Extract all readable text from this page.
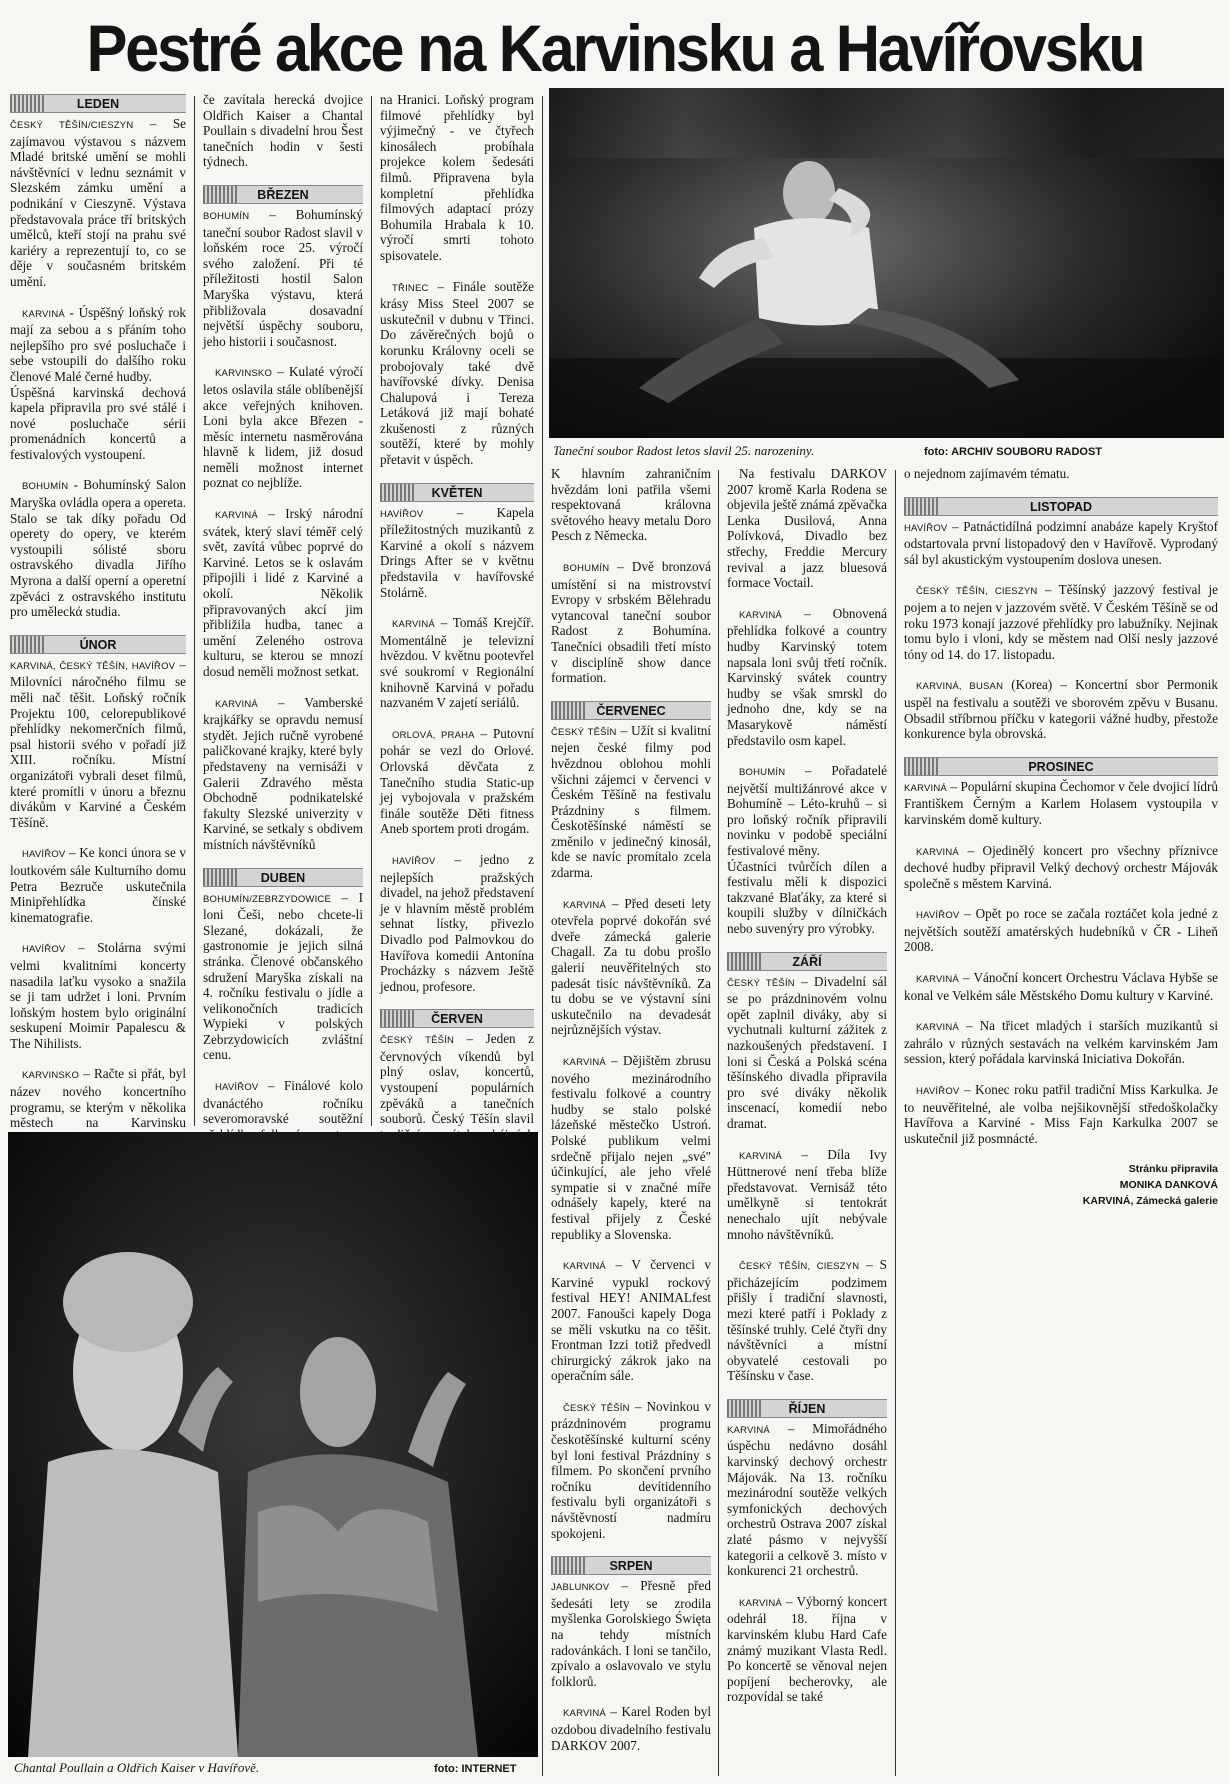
Pestré akce na Karvinsku a Havířovsku
LEDEN

ČESKÝ TĚŠÍN/CIESZYN – Se zajímavou výstavou s názvem Mladé britské umění se mohli návštěvníci v lednu seznámit v Slezském zámku umění a podnikání v Cieszyně. Výstava představovala práce tří britských umělců, kteří stojí na prahu své kariéry a reprezentují to, co se děje v současném britském umění.

KARVINÁ - Úspěšný loňský rok mají za sebou a s přáním toho nejlepšího pro své posluchače i sebe vstoupili do dalšího roku členové Malé černé hudby.
Úspěšná karvinská dechová kapela připravila pro své stálé i nové posluchače sérii promenádních koncertů a festivalových vystoupení.

BOHUMÍN - Bohumínský Salon Maryška ovládla opera a opereta. Stalo se tak díky pořadu Od operety do opery, ve kterém vystoupili sólisté sboru ostravského divadla Jiřího Myrona a další operní a operetní zpěváci z ostravského institutu pro uměleckά studia.

ÚNOR

KARVINÁ, ČESKÝ TĚŠÍN, HAVÍŘOV – Milovníci náročného filmu se měli nač těšit. Loňský ročník Projektu 100, celorepublikové přehlídky nekomerčních filmů, psal historii svého v pořadí již XIII. ročníku. Místní organizátoři vybrali deset filmů, které promítli v únoru a březnu divákům v Karviné a Českém Těšíně.

HAVÍŘOV – Ke konci února se v loutkovém sále Kulturního domu Petra Bezruče uskutečnila Minipřehlídka čínské kinematografie.

HAVÍŘOV – Stolárna svými velmi kvalitními koncerty nasadila laťku vysoko a snažila se ji tam udržet i loni. Prvním loňským hostem bylo originální seskupení Moimir Papalescu & The Nihilists.

KARVINSKO – Račte si přát, byl název nového koncertního programu, se kterým v několika městech na Karvinsku

če zavítala herecká dvojice Oldřich Kaiser a Chantal Poullain s divadelní hrou Šest tanečních hodin v šesti týdnech.

BŘEZEN

BOHUMÍN – Bohumínský taneční soubor Radost slavil v loňském roce 25. výročí svého založení. Při té příležitosti hostil Salon Maryška výstavu, která přibližovala dosavadní největší úspěchy souboru, jeho historii i současnost.

KARVINSKO – Kulaté výročí letos oslavila stále oblíbenější akce veřejných knihoven. Loni byla akce Březen - měsíc internetu nasměrována hlavně k lidem, již dosud neměli možnost internet poznat co nejblíže.

KARVINÁ – Irský národní svátek, který slaví téměř celý svět, zavítá vůbec poprvé do Karviné. Letos se k oslavám připojili i lidé z Karviné a okolí. Několik připravovaných akcí jim přibližila hudba, tanec a umění Zeleného ostrova kulturu, se kterou se mnozí dosud neměli možnost setkat.

KARVINÁ – Vamberské krajkářky se opravdu nemusí stydět. Jejich ručně vyrobené paličkované krajky, které byly představeny na vernisáži v Galerii Zdravého města Obchodně podnikatelské fakulty Slezské univerzity v Karviné, se setkaly s obdivem místních návštěvníků

DUBEN

BOHUMÍN/ZEBRZYDOWICE – I loni Češi, nebo chcete-li Slezané, dokázali, že gastronomie je jejich silná stránka. Členové občanského sdružení Maryška získali na 4. ročníku festivalu o jídle a velikonočních tradicích Wypieki v polských Zebrzydowicích zvláštní cenu.

HAVÍŘOV – Finálové kolo dvanáctého ročníku severomoravské soutěžní

na Hranici. Loňský program filmové přehlídky byl výjimečný - ve čtyřech kinosálech probíhala projekce kolem šedesáti filmů. Připravena byla kompletní přehlídka filmových adaptací prózy Bohumila Hrabala k 10. výročí smrti tohoto spisovatele.

TŘINEC – Finále soutěže krásy Miss Steel 2007 se uskutečnil v dubnu v Třinci. Do závěrečných bojů o korunku Královny oceli se probojovaly také dvě havířovské dívky. Denisa Chalupová i Tereza Letáková již mají bohaté zkušenosti z různých soutěží, které by mohly přetavit v úspěch.

KVĚTEN

HAVÍŘOV – Kapela příležitostných muzikantů z Karviné a okolí s názvem Drings After se v květnu představila v havířovské Stolárně.

KARVINÁ – Tomáš Krejčíř. Momentálně je televizní hvězdou. V květnu pootevřel své soukromí v Regionální knihovně Karviná v pořadu nazvaném V zajetí seriálů.

ORLOVÁ, PRAHA – Putovní pohár se vezl do Orlové. Orlovská děvčata z Tanečního studia Static-up jej vybojovala v pražském finále soutěže Děti fitness Aneb sportem proti drogám.

HAVÍŘOV – jedno z nejlepších pražských divadel, na jehož představení je v hlavním městě problém sehnat lístky, přivezlo Divadlo pod Palmovkou do Havířova komedii Antonína Procházky s názvem Ještě jednou, profesore.

ČERVEN

ČESKÝ TĚŠÍN – Jeden z červnových víkendů byl plný oslav, koncertů, vystoupení populárních zpěváků a tanečních souborů. Český Těšín slavil

Taneční soubor Radost letos slavil 25. narozeniny.	foto: ARCHIV SOUBORU RADOST

K hlavním zahraničním hvězdám loni patřila všemi respektovaná královna světového heavy metalu Doro Pesch z Německa.

BOHUMÍN – Dvě bronzová umístění si na mistrovství Evropy v srbském Bělehradu vytancoval taneční soubor Radost z Bohumína. Tanečníci obsadili třetí místo v disciplíně show dance formation.

ČERVENEC

ČESKÝ TĚŠÍN – Užít si kvalitní nejen české filmy pod hvězdnou oblohou mohli všichni zájemci v červenci v Českém Těšíně na festivalu Prázdniny s filmem. Českotěšínské náměstí se změnilo v jedinečný kinosál, kde se navíc promítalo zcela zdarma.

KARVINÁ – Před deseti lety otevřela poprvé dokořán své dveře zámecká galerie Chagall. Za tu dobu prošlo galerií neuvěřitelných sto padesát tisíc návštěvníků. Za tu dobu se ve výstavní síni uskutečnilo na devadesát nejrůznějších výstav.

KARVINÁ – Dějištěm zbrusu nového mezinárodního festivalu folkové a country hudby se stalo polské lázeňské městečko Ustroń. Polské publikum velmi srdečně přijalo nejen „své" účinkující, ale jeho vřelé sympatie si v značné míře odnášely kapely, které na festival přijely z České republiky a Slovenska.

KARVINÁ – V červenci v Karviné vypukl rockový festival HEY! ANIMALfest 2007. Fanoušci kapely Doga se měli vskutku na co těšit. Frontman Izzi totiž předvedl chirurgický zákrok jako na operačním sále.

ČESKÝ TĚŠÍN – Novinkou v prázdninovém programu českotěšínské kulturní scény byl loni festival Prázdniny s filmem. Po skončení prvního ročníku devítidenního festivalu byli organizátoři s návštěvností nadmíru spokojeni.

SRPEN

JABLUNKOV – Přesně před šedesáti lety se zrodila myšlenka Gorolskiego Święta na tehdy místních radovánkách. I loni se tančilo, zpívalo a oslavovalo ve stylu folklorů.

KARVINÁ – Karel Roden byl ozdobou divadelního festivalu DARKOV 2007.

Na festivalu DARKOV 2007 kromě Karla Rodena se objevila ještě známá zpěvačka Lenka Dusilová, Anna Polívková, Divadlo bez střechy, Freddie Mercury revival a jazz bluesová formace Voctail.

KARVINÁ – Obnovená přehlídka folkové a country hudby Karvinský totem napsala loni svůj třetí ročník. Karvinský svátek country hudby se však smrskl do jednoho dne, kdy se na Masarykově náměstí představilo osm kapel.

BOHUMÍN – Pořadatelé největší multižánrové akce v Bohumíně – Léto-kruhů – si pro loňský ročník připravili novinku v podobě speciální festivalové měny.
Účastníci tvůrčích dílen a festivalu měli k dispozici takzvané Blaťáky, za které si koupili služby v dílničkách nebo suvenýry pro výrobky.

ZÁŘÍ

ČESKÝ TĚŠÍN – Divadelní sál se po prázdninovém volnu opět zaplnil diváky, aby si vychutnali kulturní zážitek z nazkoušených představení. I loni si Česká a Polská scéna těšínského divadla připravila pro své diváky několik inscenací, komedií nebo dramat.

KARVINÁ – Díla Ivy Hüttnerové není třeba blíže představovat. Vernisáž této umělkyně si tentokrát nenechalo ujít nebývale mnoho návštěvníků.

ČESKÝ TĚŠÍN, CIESZYN – S přicházejícím podzimem přišly i tradiční slavnosti, mezi které patří i Poklady z těšínské truhly. Celé čtyři dny návštěvníci a místní obyvatelé cestovali po Těšínsku v čase.

ŘÍJEN

KARVINÁ – Mimořádného úspěchu nedávno dosáhl karvinský dechový orchestr Májovák. Na 13. ročníku mezinárodní soutěže velkých symfonických dechových orchestrů Ostrava 2007 získal zlaté pásmo v nejvyšší kategorii a celkově 3. místo v konkurenci 21 orchestrů.

KARVINÁ – Výborný koncert odehrál 18. října v karvinském klubu Hard Cafe známý muzikant Vlasta Redl. Po koncertě se věnoval nejen popíjení becherovky, ale rozpovídal se také

o nejednom zajímavém tématu.

LISTOPAD

HAVÍŘOV – Patnáctidílná podzimní anabáze kapely Kryštof odstartovala první listopadový den v Havířově. Vyprodaný sál byl akustickým vystoupením doslova unesen.

ČESKÝ TĚŠÍN, CIESZYN – Těšínský jazzový festival je pojem a to nejen v jazzovém světě. V Českém Těšíně se od roku 1973 konají jazzové přehlídky pro labužníky. Nejinak tomu bylo i vloni, kdy se městem nad Olší nesly jazzové tóny od 14. do 17. listopadu.

KARVINÁ, BUSAN (Korea) – Koncertní sbor Permonik uspěl na festivalu a soutěži ve sborovém zpěvu v Busanu. Obsadil stříbrnou příčku v kategorii vážné hudby, přestože konkurence byla obrovská.

PROSINEC

KARVINÁ – Populární skupina Čechomor v čele dvojicí lídrů Františkem Černým a Karlem Holasem vystoupila v karvinském domě kultury.

KARVINÁ – Ojedinělý koncert pro všechny příznivce dechové hudby připravil Velký dechový orchestr Májovák společně s městem Karviná.

HAVÍŘOV – Opět po roce se začala roztáčet kola jedné z největších soutěží amatérských hudebníků v ČR - Liheň 2008.

KARVINÁ – Vánoční koncert Orchestru Václava Hybše se konal ve Velkém sále Městského Domu kultury v Karviné.

KARVINÁ – Na třicet mladých i starších muzikantů si zahrálo v různých sestavách na velkém karvinském Jam session, který pořádala karvinská Iniciativa Dokořán.

HAVÍŘOV – Konec roku patřil tradiční Miss Karkulka. Je to neuvěřitelné, ale volba nejšikovnější středoškolačky Havířova a Karviné - Miss Fajn Karkulka 2007 se uskutečnil již posmnácté.

Stránku připravila
MONIKA DANKOVÁ
KARVINÁ, Zámecká galerie
Chantal Poullain a Oldřich Kaiser v Havířově.	foto: INTERNET
